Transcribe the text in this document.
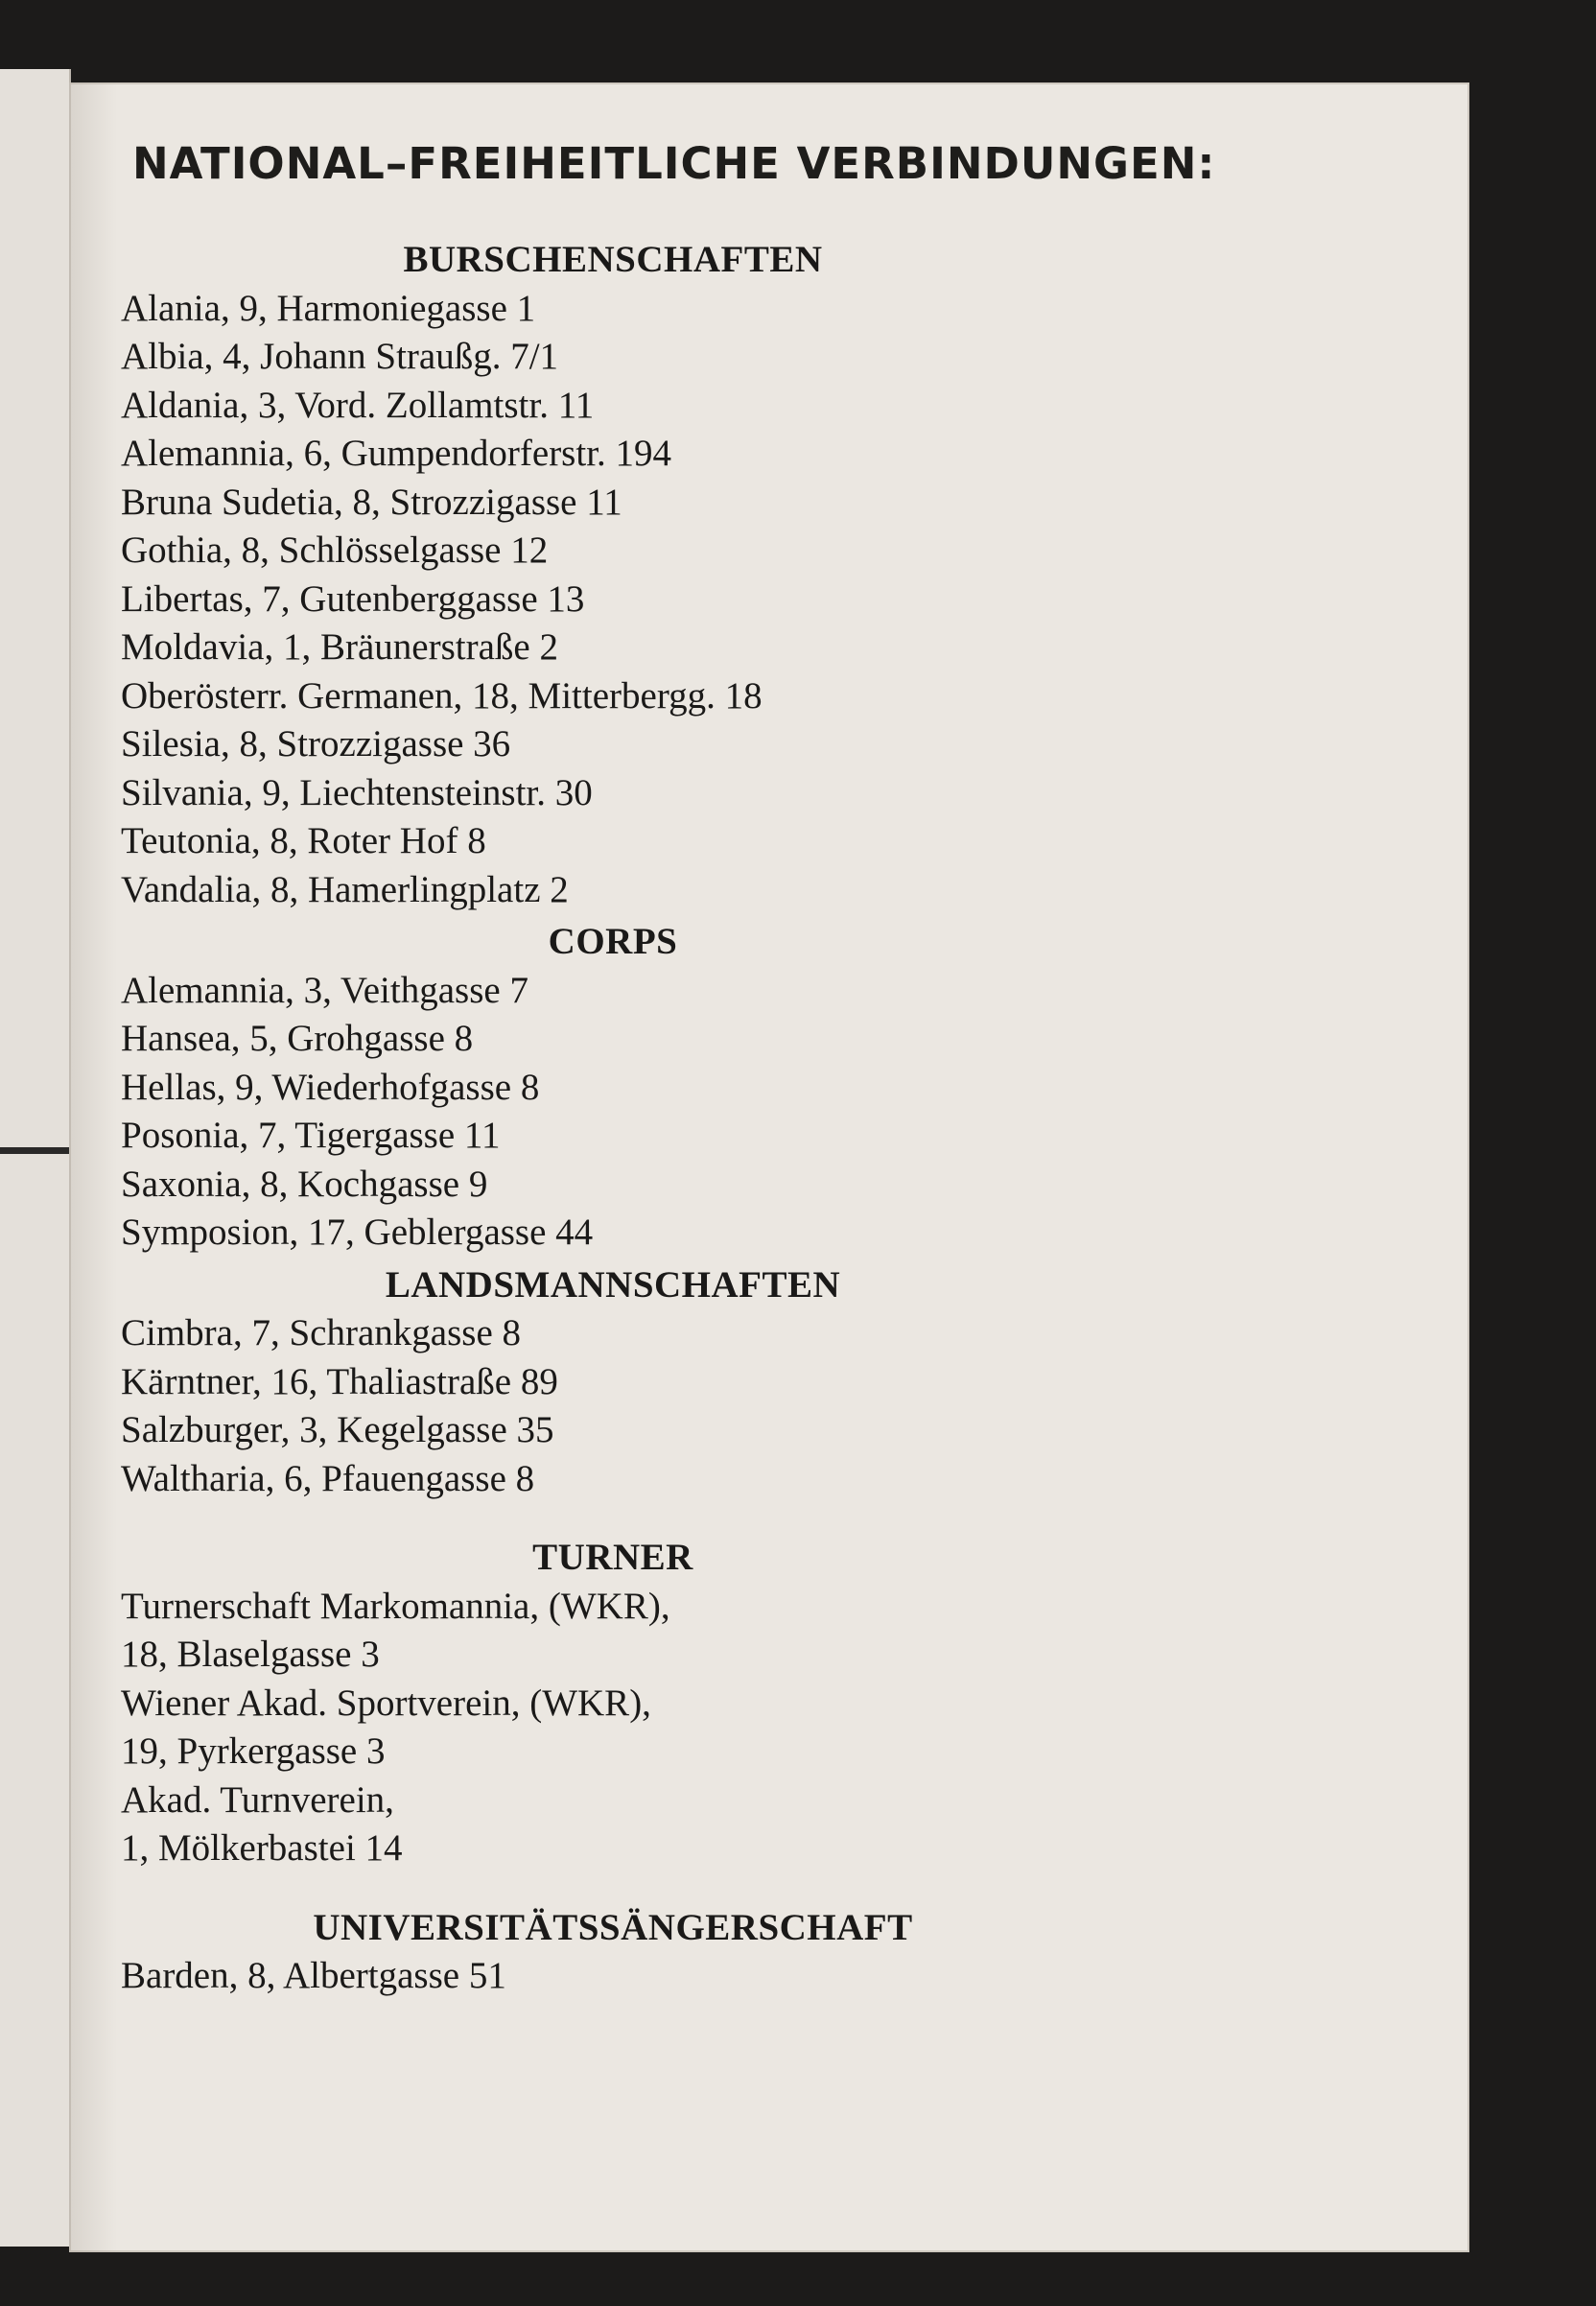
NATIONAL–FREIHEITLICHE VERBINDUNGEN:

BURSCHENSCHAFTEN

Alania, 9, Harmoniegasse 1

Albia, 4, Johann Straußg. 7/1

Aldania, 3, Vord. Zollamtstr. 11

Alemannia, 6, Gumpendorferstr. 194

Bruna Sudetia, 8, Strozzigasse 11

Gothia, 8, Schlösselgasse 12

Libertas, 7, Gutenberggasse 13

Moldavia, 1, Bräunerstraße 2

Oberösterr. Germanen, 18, Mitterbergg. 18

Silesia, 8, Strozzigasse 36

Silvania, 9, Liechtensteinstr. 30

Teutonia, 8, Roter Hof 8

Vandalia, 8, Hamerlingplatz 2

CORPS

Alemannia, 3, Veithgasse 7

Hansea, 5, Grohgasse 8

Hellas, 9, Wiederhofgasse 8

Posonia, 7, Tigergasse 11

Saxonia, 8, Kochgasse 9

Symposion, 17, Geblergasse 44

LANDSMANNSCHAFTEN

Cimbra, 7, Schrankgasse 8

Kärntner, 16, Thaliastraße 89

Salzburger, 3, Kegelgasse 35

Waltharia, 6, Pfauengasse 8

TURNER

Turnerschaft Markomannia, (WKR),

18, Blaselgasse 3

Wiener Akad. Sportverein, (WKR),

19, Pyrkergasse 3

Akad. Turnverein,

1, Mölkerbastei 14

UNIVERSITÄTSSÄNGERSCHAFT

Barden, 8, Albertgasse 51
